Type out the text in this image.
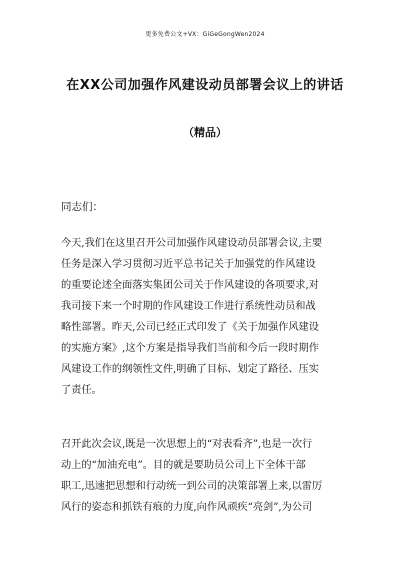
更多免费公文+VX：GiGeGongWen2024
在XX公司加强作风建设动员部署会议上的讲话
（精品）
同志们：
今天,我们在这里召开公司加强作风建设动员部署会议,主要
任务是深入学习贯彻习近平总书记关于加强党的作风建设
的重要论述全面落实集团公司关于作风建设的各项要求,对
我司接下来一个时期的作风建设工作进行系统性动员和战
略性部署。昨天,公司已经正式印发了《关于加强作风建设
的实施方案》,这个方案是指导我们当前和今后一段时期作
风建设工作的纲领性文件,明确了目标、划定了路径、压实
了责任。
召开此次会议,既是一次思想上的“对表看齐”,也是一次行
动上的“加油充电”。目的就是要助员公司上下全体干部
职工,迅速把思想和行动统一到公司的决策部署上来,以雷厉
风行的姿态和抓铁有痕的力度,向作风顽疾“亮剑”,为公司
